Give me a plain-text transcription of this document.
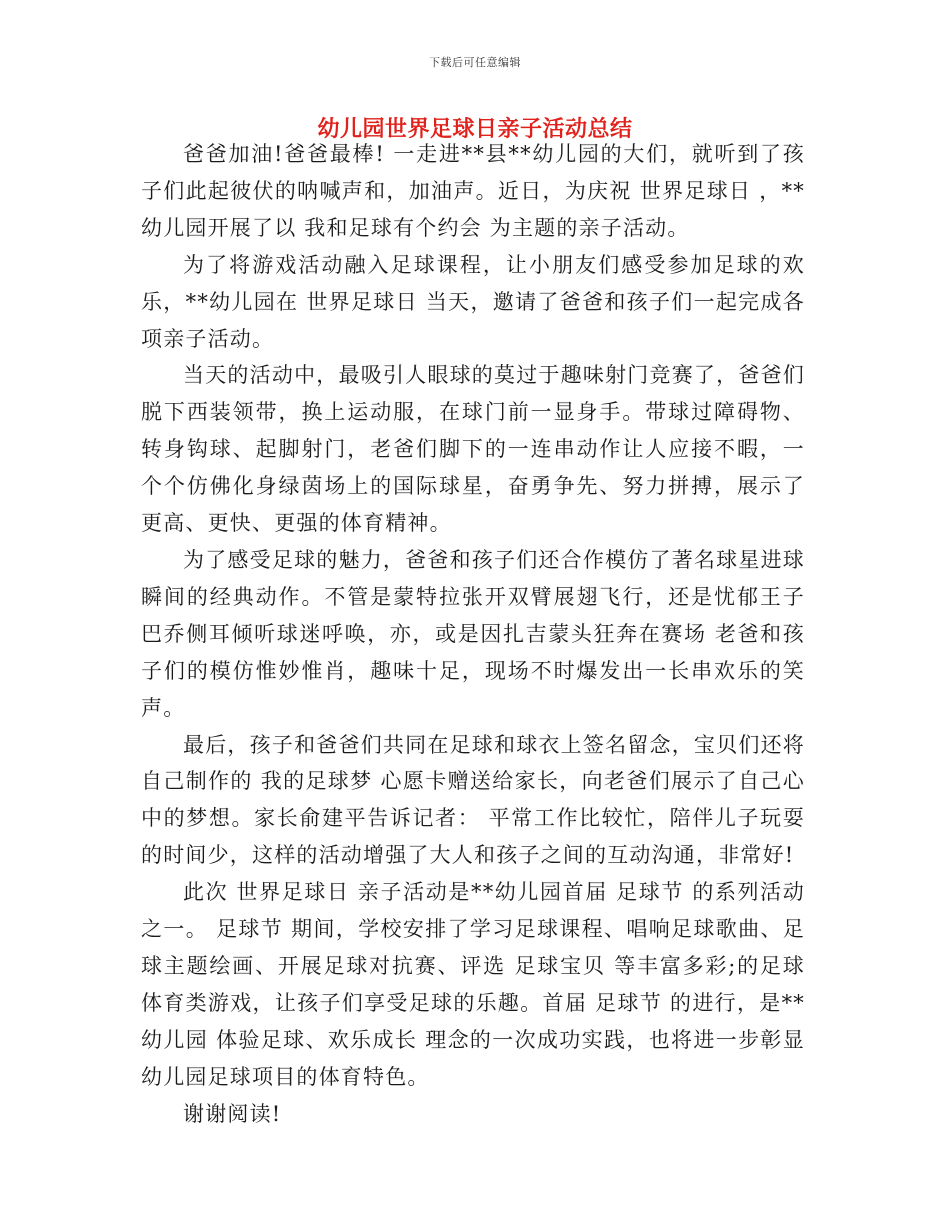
下载后可任意编辑
幼儿园世界足球日亲子活动总结

爸爸加油!爸爸最棒! 一走进**县**幼儿园的大们，就听到了孩子们此起彼伏的呐喊声和，加油声。近日，为庆祝 世界足球日 ，**幼儿园开展了以 我和足球有个约会 为主题的亲子活动。

为了将游戏活动融入足球课程，让小朋友们感受参加足球的欢乐，**幼儿园在 世界足球日 当天，邀请了爸爸和孩子们一起完成各项亲子活动。

当天的活动中，最吸引人眼球的莫过于趣味射门竞赛了，爸爸们脱下西装领带，换上运动服，在球门前一显身手。带球过障碍物、转身钩球、起脚射门，老爸们脚下的一连串动作让人应接不暇，一个个仿佛化身绿茵场上的国际球星，奋勇争先、努力拼搏，展示了更高、更快、更强的体育精神。

为了感受足球的魅力，爸爸和孩子们还合作模仿了著名球星进球瞬间的经典动作。不管是蒙特拉张开双臂展翅飞行，还是忧郁王子巴乔侧耳倾听球迷呼唤，亦，或是因扎吉蒙头狂奔在赛场 老爸和孩子们的模仿惟妙惟肖，趣味十足，现场不时爆发出一长串欢乐的笑声。

最后，孩子和爸爸们共同在足球和球衣上签名留念，宝贝们还将自己制作的 我的足球梦 心愿卡赠送给家长，向老爸们展示了自己心中的梦想。家长俞建平告诉记者： 平常工作比较忙，陪伴儿子玩耍的时间少，这样的活动增强了大人和孩子之间的互动沟通，非常好!

此次 世界足球日 亲子活动是**幼儿园首届 足球节 的系列活动之一。 足球节 期间，学校安排了学习足球课程、唱响足球歌曲、足球主题绘画、开展足球对抗赛、评选 足球宝贝 等丰富多彩;的足球体育类游戏，让孩子们享受足球的乐趣。首届 足球节 的进行，是**幼儿园 体验足球、欢乐成长 理念的一次成功实践，也将进一步彰显幼儿园足球项目的体育特色。

谢谢阅读!
